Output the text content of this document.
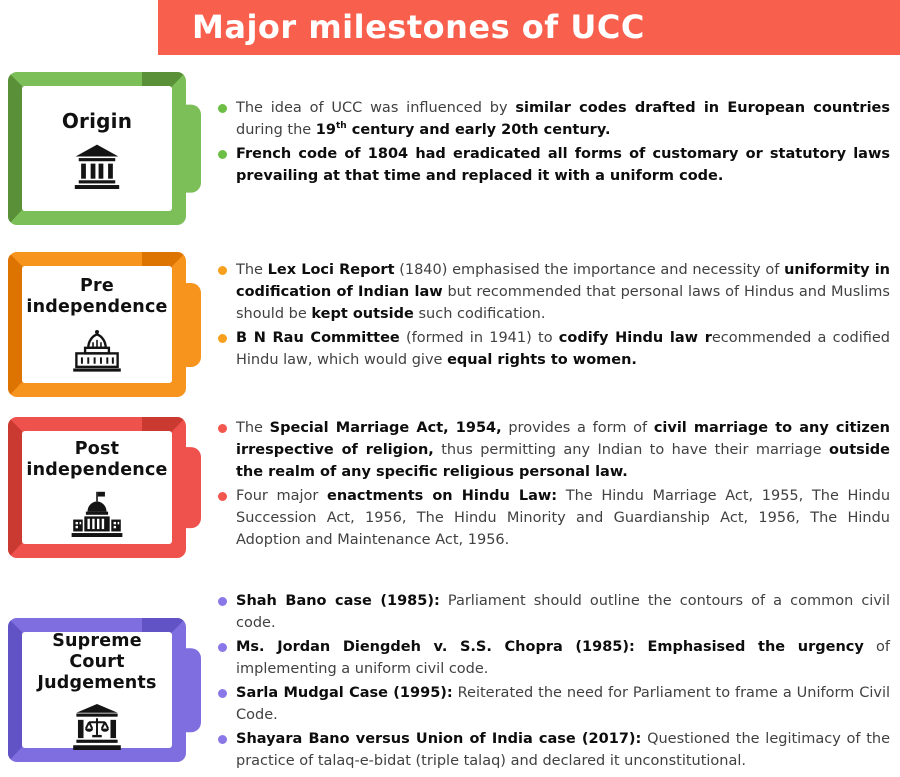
Major milestones of UCC
Origin
The idea of UCC was influenced by similar codes drafted in European countries during the 19th century and early 20th century.
French code of 1804 had eradicated all forms of customary or statutory laws prevailing at that time and replaced it with a uniform code.
Pre
independence
The Lex Loci Report (1840) emphasised the importance and necessity of uniformity in codification of Indian law but recommended that personal laws of Hindus and Muslims should be kept outside such codification.
B N Rau Committee (formed in 1941) to codify Hindu law recommended a codified Hindu law, which would give equal rights to women.
Post
independence
The Special Marriage Act, 1954, provides a form of civil marriage to any citizen irrespective of religion, thus permitting any Indian to have their marriage outside the realm of any specific religious personal law.
Four major enactments on Hindu Law: The Hindu Marriage Act, 1955, The Hindu Succession Act, 1956, The Hindu Minority and Guardianship Act, 1956, The Hindu Adoption and Maintenance Act, 1956.
Supreme
Court
Judgements
Shah Bano case (1985): Parliament should outline the contours of a common civil code.
Ms. Jordan Diengdeh v. S.S. Chopra (1985): Emphasised the urgency of implementing a uniform civil code.
Sarla Mudgal Case (1995): Reiterated the need for Parliament to frame a Uniform Civil Code.
Shayara Bano versus Union of India case (2017): Questioned the legitimacy of the practice of talaq-e-bidat (triple talaq) and declared it unconstitutional.
